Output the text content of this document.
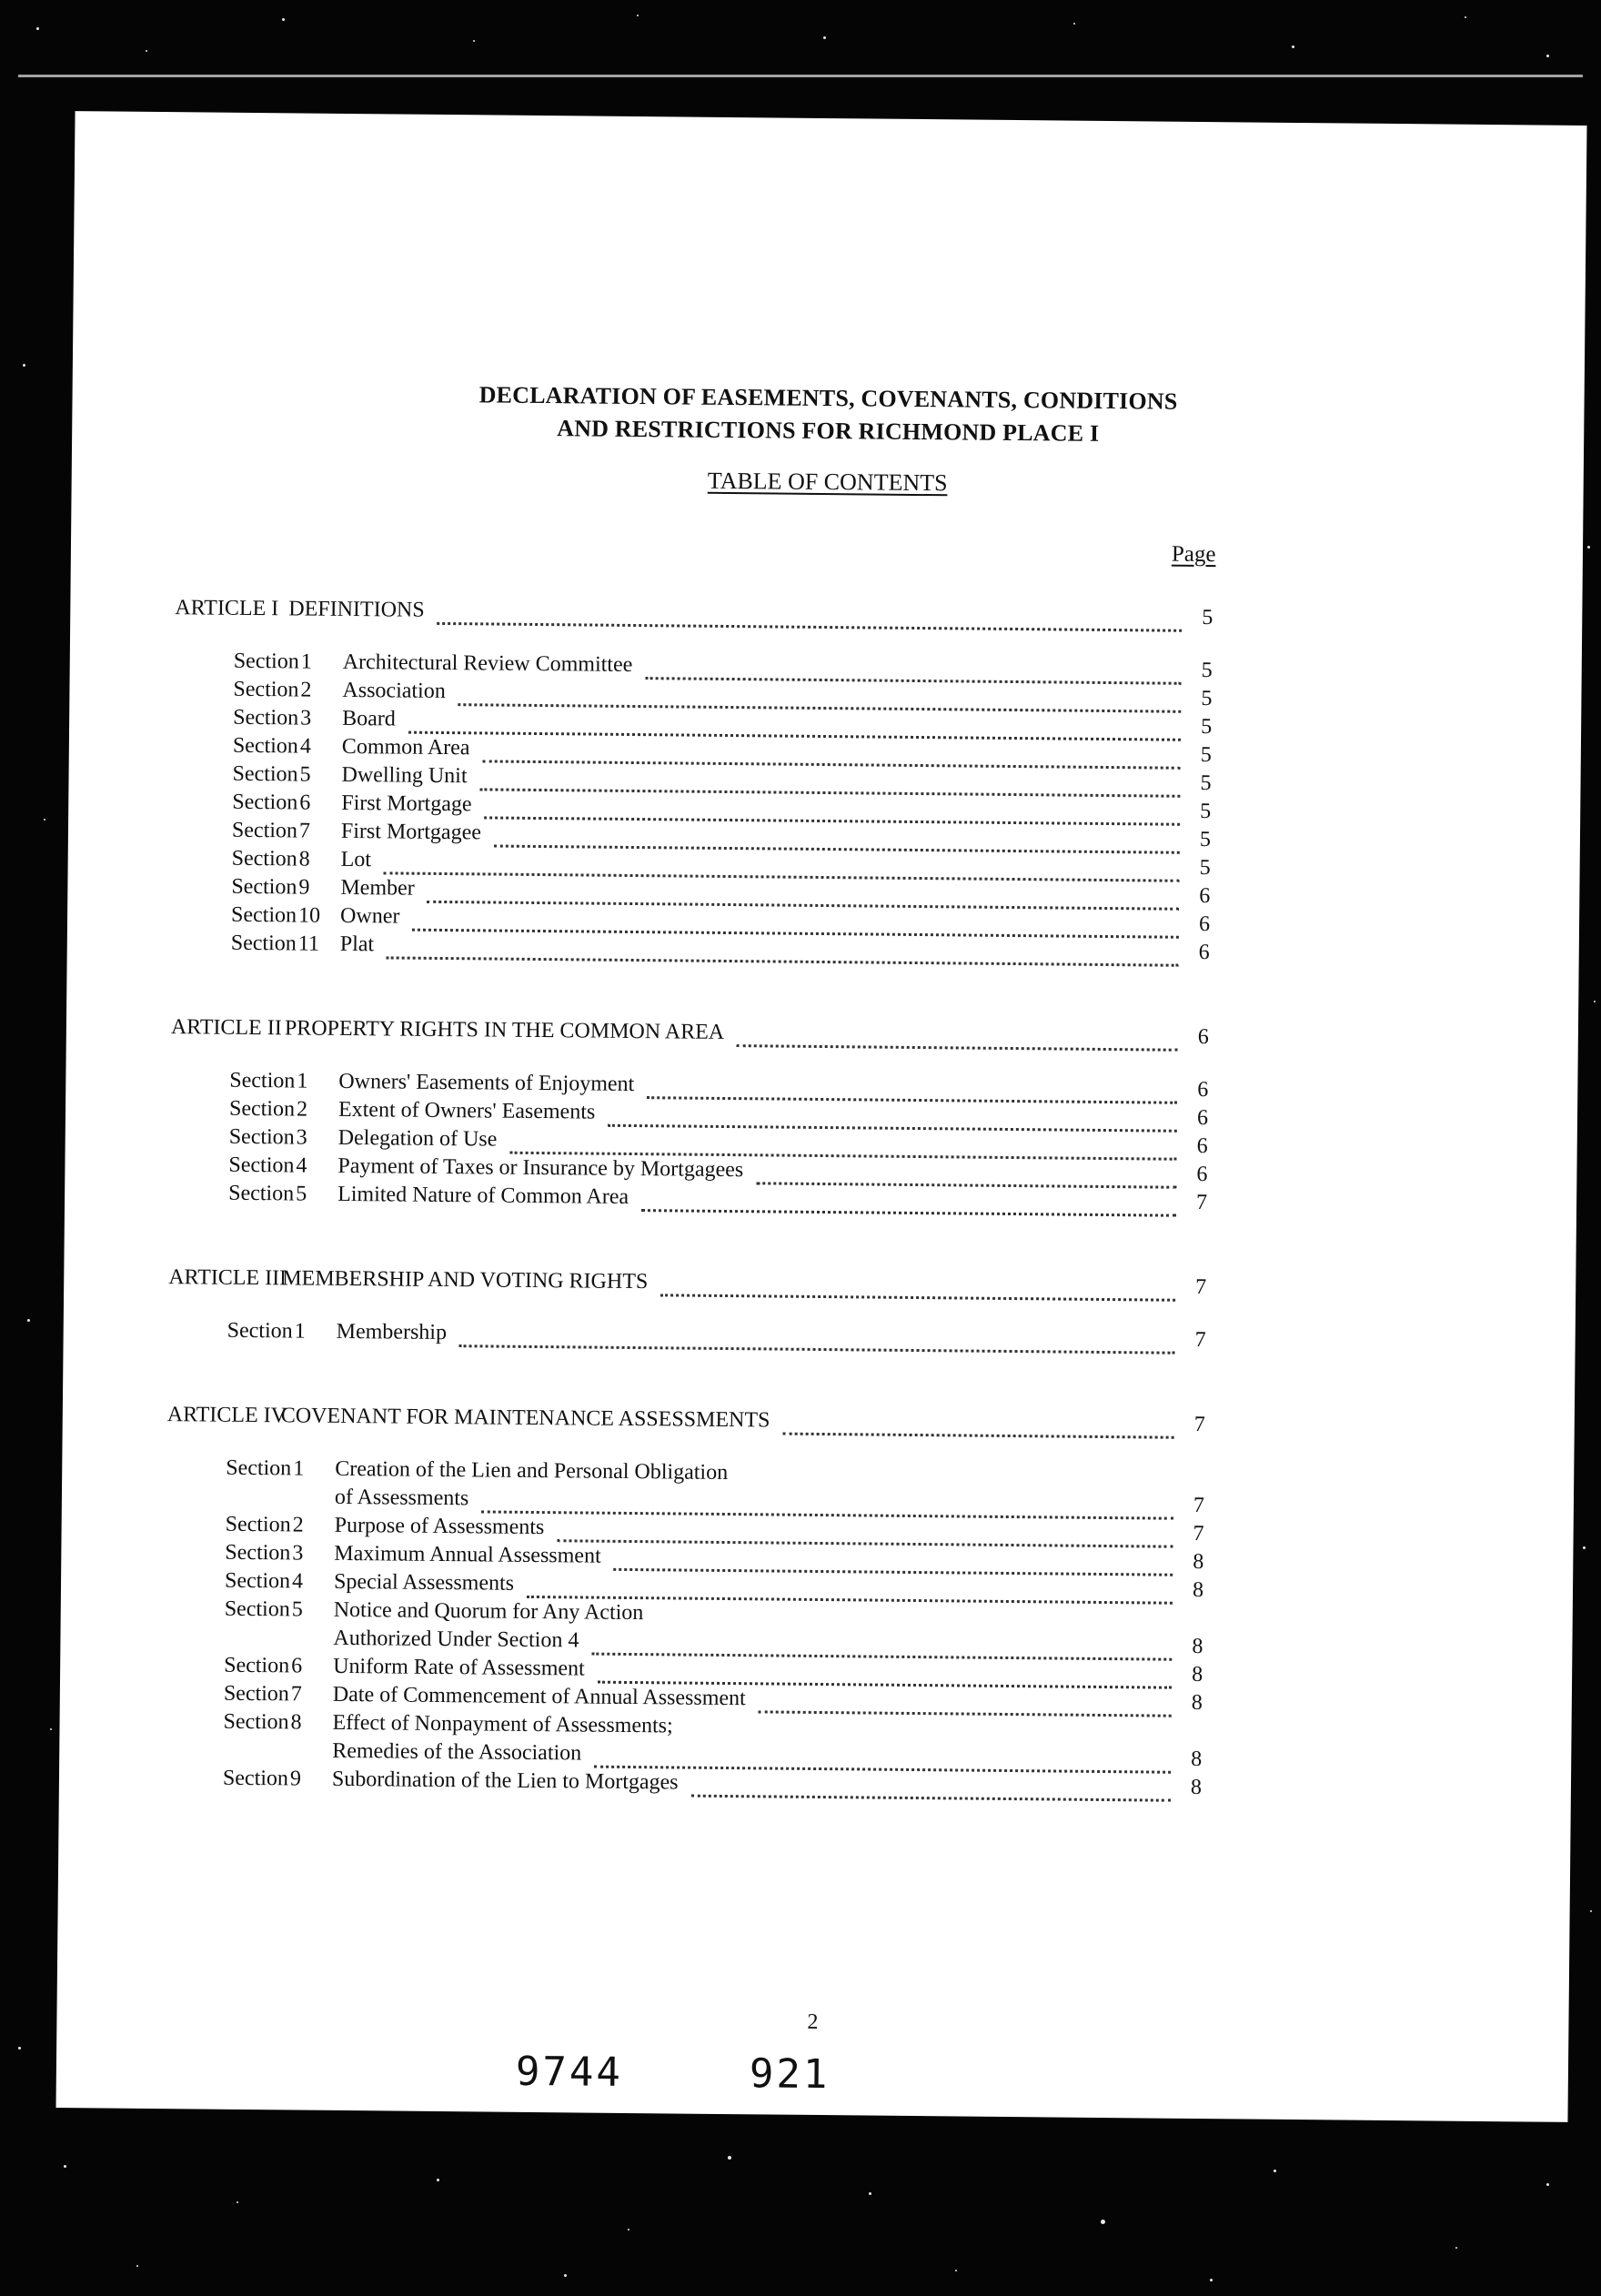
DECLARATION OF EASEMENTS, COVENANTS, CONDITIONS
AND RESTRICTIONS FOR RICHMOND PLACE I
TABLE OF CONTENTS
Page
ARTICLE I DEFINITIONS	5
Section 1 Architectural Review Committee	5
Section 2 Association	5
Section 3 Board	5
Section 4 Common Area	5
Section 5 Dwelling Unit	5
Section 6 First Mortgage	5
Section 7 First Mortgagee	5
Section 8 Lot	5
Section 9 Member	6
Section 10 Owner	6
Section 11 Plat	6
ARTICLE II PROPERTY RIGHTS IN THE COMMON AREA	6
Section 1 Owners' Easements of Enjoyment	6
Section 2 Extent of Owners' Easements	6
Section 3 Delegation of Use	6
Section 4 Payment of Taxes or Insurance by Mortgagees	6
Section 5 Limited Nature of Common Area	7
ARTICLE III
MEMBERSHIP AND VOTING RIGHTS	7
Section 1 Membership	7
ARTICLE IV
COVENANT FOR MAINTENANCE ASSESSMENTS	7
Section 1 Creation of the Lien and Personal Obligation
of Assessments	7
Section 2 Purpose of Assessments	7
Section 3 Maximum Annual Assessment	8
Section 4 Special Assessments	8
Section 5 Notice and Quorum for Any Action
Authorized Under Section 4	8
Section 6 Uniform Rate of Assessment	8
Section 7 Date of Commencement of Annual Assessment	8
Section 8 Effect of Nonpayment of Assessments;
Remedies of the Association	8
Section 9 Subordination of the Lien to Mortgages	8
2
9744	921
